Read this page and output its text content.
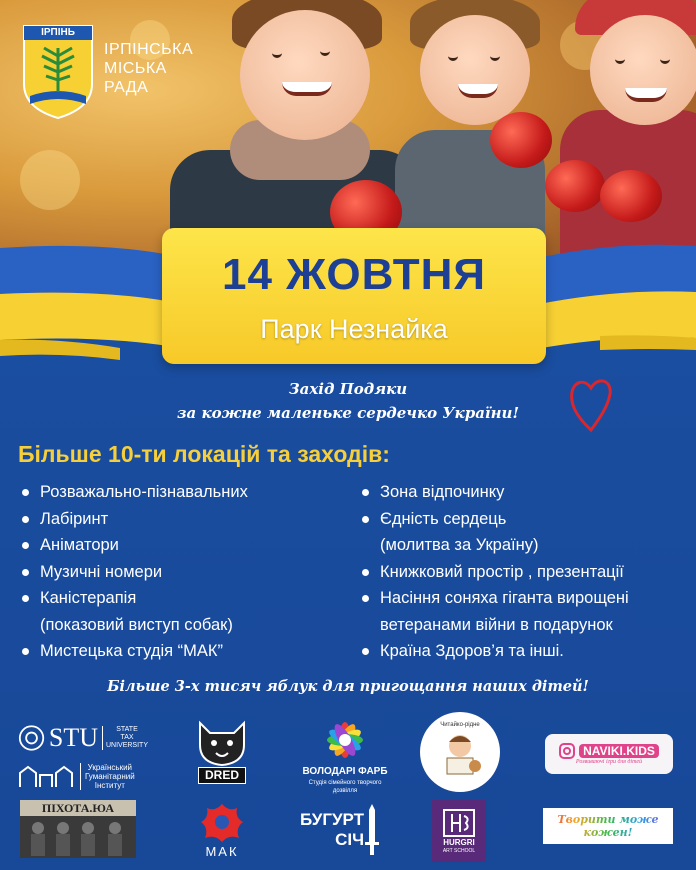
ІРПІНЬ
ІРПІНСЬКА
МІСЬКА
РАДА
14 ЖОВТНЯ
Парк Незнайка
Захід Подяки
за кожне маленьке сердечко України!
Більше 10-ти локацій та заходів:
Розважально-пізнавальних
Лабіринт
Аніматори
Музичні номери
Каністерапія
(показовий виступ собак)
Мистецька студія “МАК”
Зона відпочинку
Єдність сердець
(молитва за Україну)
Книжковий простір , презентації
Насіння соняха гіганта вирощені
ветеранами війни в подарунок
Країна Здоров’я та інші.
Більше 3-х тисяч яблук для пригощання наших дітей!
STU	STATE
TAX
UNIVERSITY
Український
Гуманітарний
Інститут
DRED	ВОЛОДАРІ ФАРБ
Студія сімейного творчого дозвілля
Читайко-рідне
NAVIKI.KIDS
Розвиваючі ігри для дітей
ПІХОТА.ЮА
МАК
БУГУРТ
СІЧ	HURGRI
ART SCHOOL
Творити може кожен!
